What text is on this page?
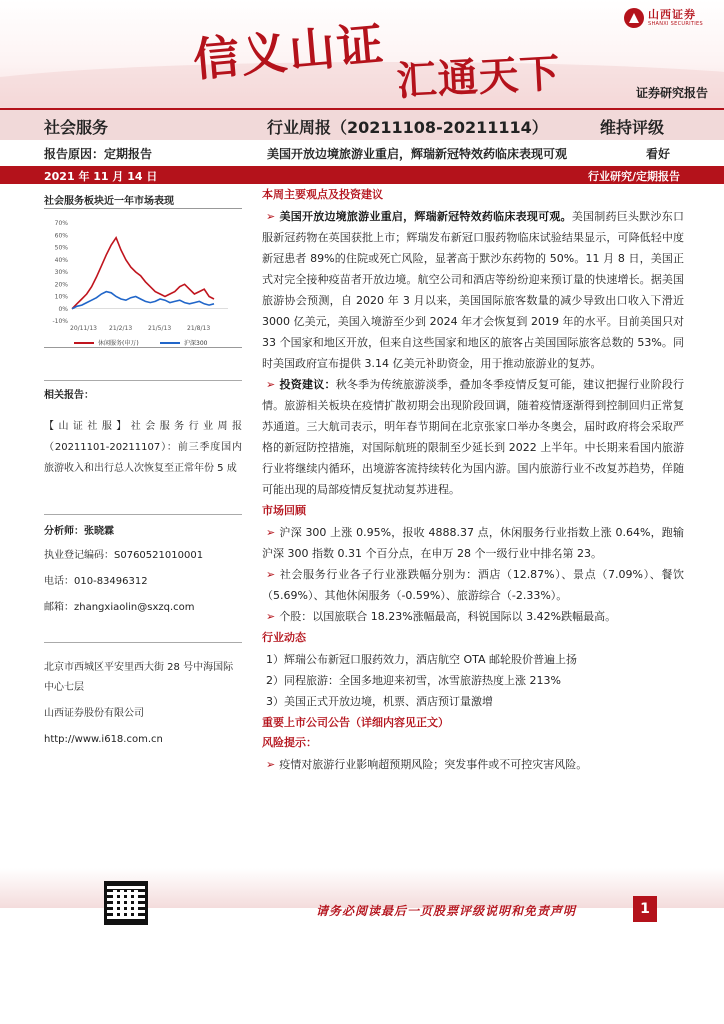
信义山证 汇通天下
山西证券
SHANXI SECURITIES
证券研究报告
社会服务	行业周报（20211108-20211114）	维持评级
报告原因：定期报告	美国开放边境旅游业重启，辉瑞新冠特效药临床表现可观	看好
2021 年 11 月 14 日	行业研究/定期报告
社会服务板块近一年市场表现
70%
60%
50%
40%
30%
20%
10%
0%
-10%
20/11/13 21/2/13	21/5/13	21/8/13
休闲服务(申万)	沪深300
相关报告：
【山证社服】社会服务行业周报（20211101-20211107）：前三季度国内旅游收入和出行总人次恢复至正常年份 5 成
分析师：张晓霖
执业登记编码：S0760521010001
电话：010-83496312
邮箱：zhangxiaolin@sxzq.com
北京市西城区平安里西大街 28 号中海国际中心七层
山西证券股份有限公司
http://www.i618.com.cn
本周主要观点及投资建议
➢ 美国开放边境旅游业重启，辉瑞新冠特效药临床表现可观。美国制药巨头默沙东口服新冠药物在英国获批上市；辉瑞发布新冠口服药物临床试验结果显示，可降低轻中度新冠患者 89%的住院或死亡风险，显著高于默沙东药物的 50%。11 月 8 日，美国正式对完全接种疫苗者开放边境。航空公司和酒店等纷纷迎来预订量的快速增长。据美国旅游协会预测，自 2020 年 3 月以来，美国国际旅客数量的减少导致出口收入下滑近 3000 亿美元，美国入境游至少到 2024 年才会恢复到 2019 年的水平。目前美国只对 33 个国家和地区开放，但来自这些国家和地区的旅客占美国国际旅客总数的 53%。同时美国政府宣布提供 3.14 亿美元补助资金，用于推动旅游业的复苏。
➢ 投资建议：秋冬季为传统旅游淡季，叠加冬季疫情反复可能，建议把握行业阶段行情。旅游相关板块在疫情扩散初期会出现阶段回调，随着疫情逐渐得到控制回归正常复苏通道。三大航司表示，明年春节期间在北京张家口举办冬奥会，届时政府将会采取严格的新冠防控措施，对国际航班的限制至少延长到 2022 上半年。中长期来看国内旅游行业将继续内循环，出境游客流持续转化为国内游。国内旅游行业不改复苏趋势，佯随可能出现的局部疫情反复扰动复苏进程。
市场回顾
➢ 沪深 300 上涨 0.95%，报收 4888.37 点，休闲服务行业指数上涨 0.64%，跑输沪深 300 指数 0.31 个百分点，在申万 28 个一级行业中排名第 23。
➢ 社会服务行业各子行业涨跌幅分别为：酒店（12.87%）、景点（7.09%）、餐饮（5.69%）、其他休闲服务（-0.59%）、旅游综合（-2.33%）。
➢ 个股：以国旅联合 18.23%涨幅最高，科锐国际以 3.42%跌幅最高。
行业动态
1）辉瑞公布新冠口服药效力，酒店航空 OTA 邮轮股价普遍上扬
2）同程旅游：全国多地迎来初雪，冰雪旅游热度上涨 213%
3）美国正式开放边境，机票、酒店预订量激增
重要上市公司公告（详细内容见正文）
风险提示：
➢ 疫情对旅游行业影响超预期风险；突发事件或不可控灾害风险。
请务必阅读最后一页股票评级说明和免责声明	1
